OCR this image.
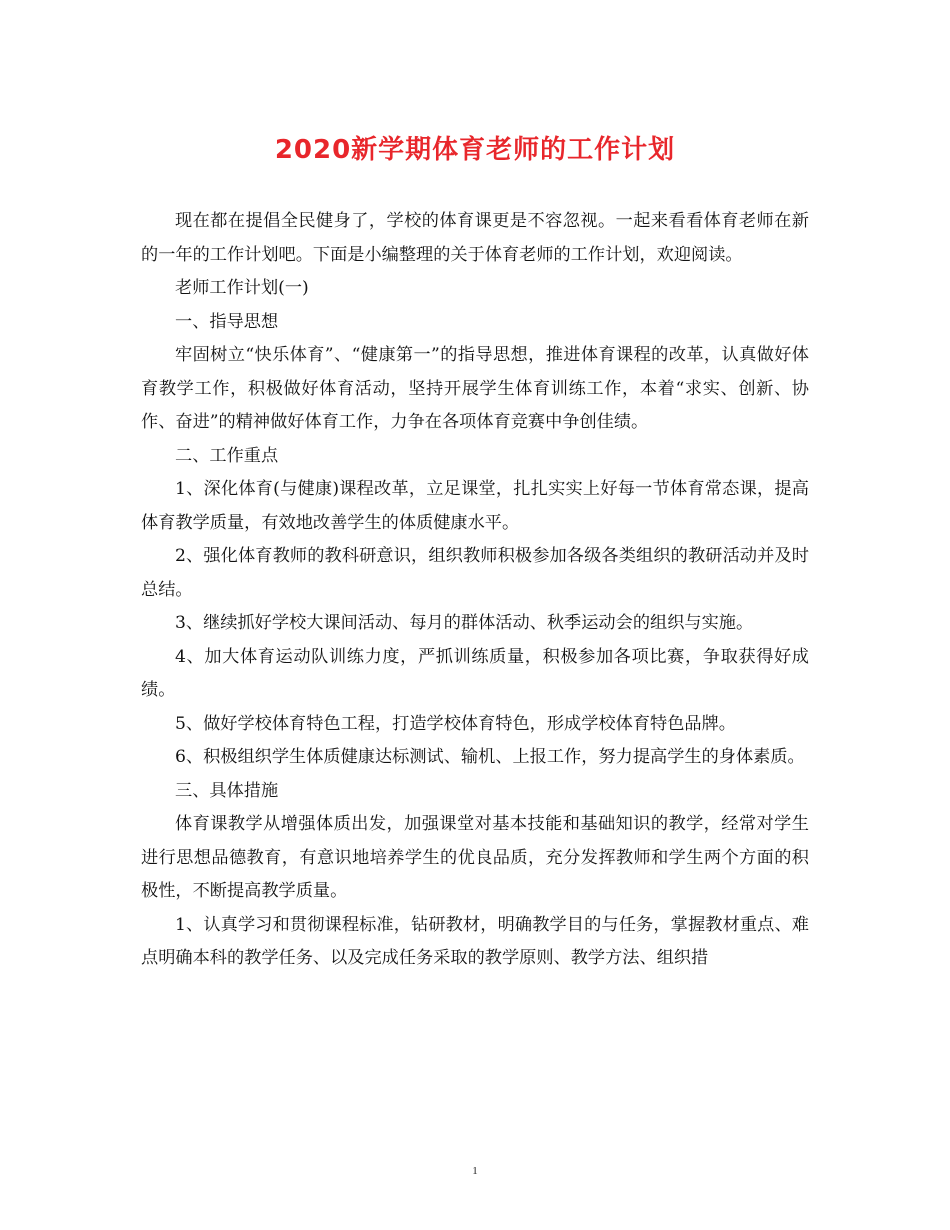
2020新学期体育老师的工作计划

现在都在提倡全民健身了，学校的体育课更是不容忽视。一起来看看体育老师在新的一年的工作计划吧。下面是小编整理的关于体育老师的工作计划，欢迎阅读。

老师工作计划(一)

一、指导思想

牢固树立“快乐体育”、“健康第一”的指导思想，推进体育课程的改革，认真做好体育教学工作，积极做好体育活动，坚持开展学生体育训练工作，本着“求实、创新、协作、奋进”的精神做好体育工作，力争在各项体育竞赛中争创佳绩。

二、工作重点

1、深化体育(与健康)课程改革，立足课堂，扎扎实实上好每一节体育常态课，提高体育教学质量，有效地改善学生的体质健康水平。

2、强化体育教师的教科研意识，组织教师积极参加各级各类组织的教研活动并及时总结。

3、继续抓好学校大课间活动、每月的群体活动、秋季运动会的组织与实施。

4、加大体育运动队训练力度，严抓训练质量，积极参加各项比赛，争取获得好成绩。

5、做好学校体育特色工程，打造学校体育特色，形成学校体育特色品牌。

6、积极组织学生体质健康达标测试、输机、上报工作，努力提高学生的身体素质。

三、具体措施

体育课教学从增强体质出发，加强课堂对基本技能和基础知识的教学，经常对学生进行思想品德教育，有意识地培养学生的优良品质，充分发挥教师和学生两个方面的积极性，不断提高教学质量。

1、认真学习和贯彻课程标准，钻研教材，明确教学目的与任务，掌握教材重点、难点明确本科的教学任务、以及完成任务采取的教学原则、教学方法、组织措

1
